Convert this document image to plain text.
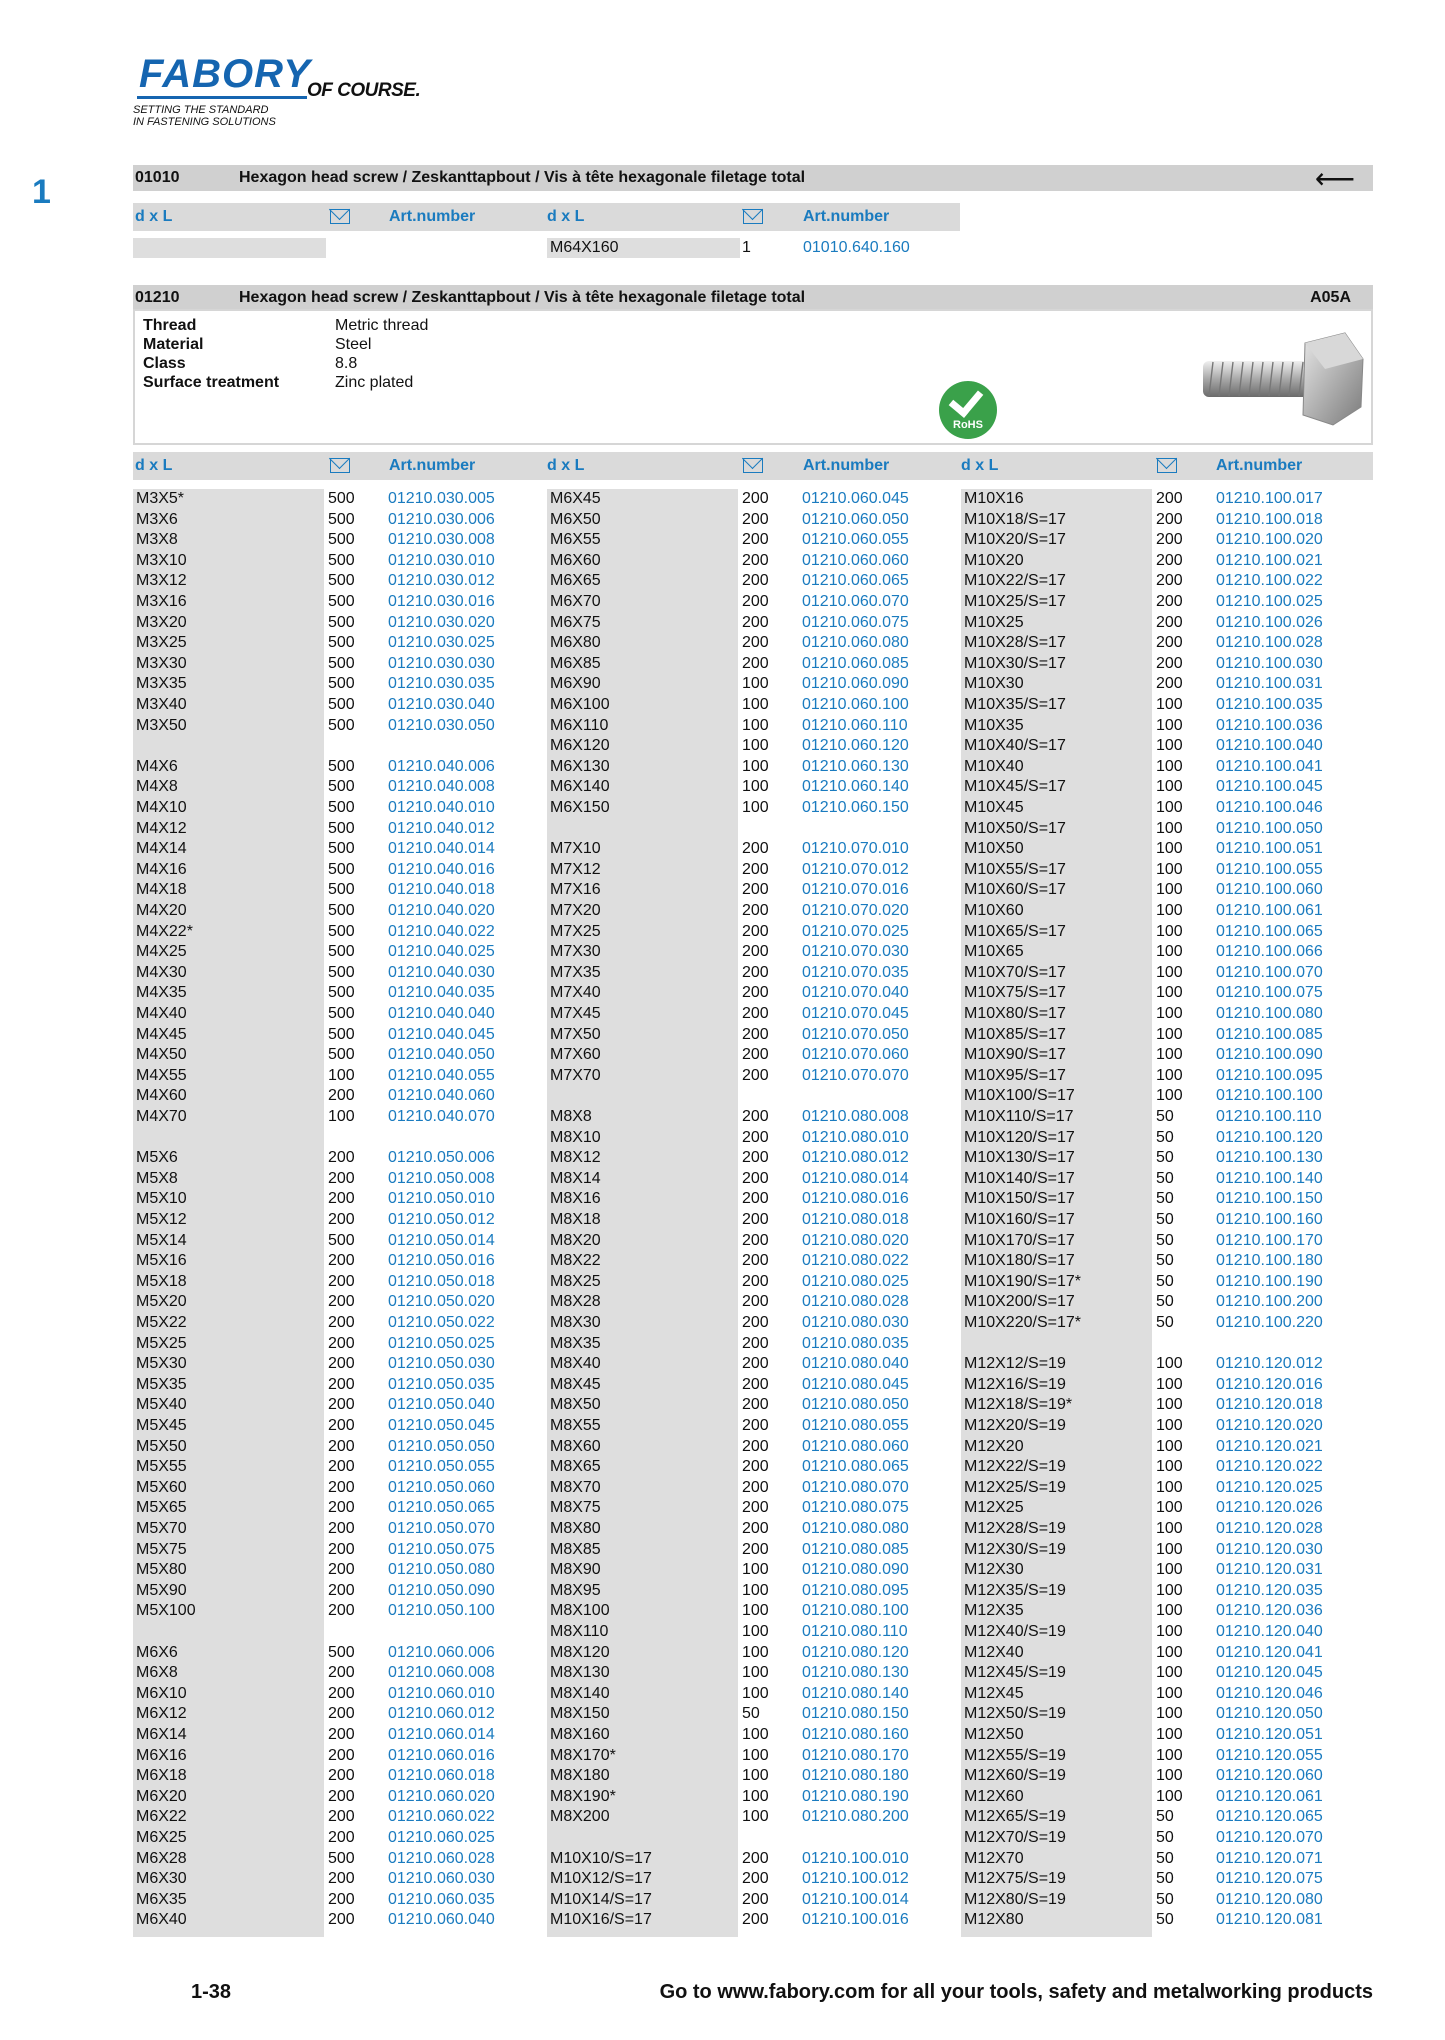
FABORY
OF COURSE.
SETTING THE STANDARD
IN FASTENING SOLUTIONS
1	01010	Hexagon head screw / Zeskanttapbout / Vis à tête hexagonale filetage total	⟵
d x L	Art.number	d x L	Art.number
M64X160	1	01010.640.160
01210	Hexagon head screw / Zeskanttapbout / Vis à tête hexagonale filetage total	A05A
Thread	Metric thread
Material	Steel
Class	8.8
Surface treatment	Zinc plated
RoHS
d x L	Art.number	d x L	Art.number	d x L	Art.number
M3X5*	500 01210.030.005
M3X6	500 01210.030.006
M3X8	500 01210.030.008
M3X10	500 01210.030.010
M3X12	500 01210.030.012
M3X16	500 01210.030.016
M3X20	500 01210.030.020
M3X25	500 01210.030.025
M3X30	500 01210.030.030
M3X35	500 01210.030.035
M3X40	500 01210.030.040
M3X50	500 01210.030.050
M4X6	500 01210.040.006
M4X8	500 01210.040.008
M4X10	500 01210.040.010
M4X12	500 01210.040.012
M4X14	500 01210.040.014
M4X16	500 01210.040.016
M4X18	500 01210.040.018
M4X20	500 01210.040.020
M4X22*	500 01210.040.022
M4X25	500 01210.040.025
M4X30	500 01210.040.030
M4X35	500 01210.040.035
M4X40	500 01210.040.040
M4X45	500 01210.040.045
M4X50	500 01210.040.050
M4X55	100 01210.040.055
M4X60	200 01210.040.060
M4X70	100 01210.040.070
M5X6	200 01210.050.006
M5X8	200 01210.050.008
M5X10	200 01210.050.010
M5X12	200 01210.050.012
M5X14	500 01210.050.014
M5X16	200 01210.050.016
M5X18	200 01210.050.018
M5X20	200 01210.050.020
M5X22	200 01210.050.022
M5X25	200 01210.050.025
M5X30	200 01210.050.030
M5X35	200 01210.050.035
M5X40	200 01210.050.040
M5X45	200 01210.050.045
M5X50	200 01210.050.050
M5X55	200 01210.050.055
M5X60	200 01210.050.060
M5X65	200 01210.050.065
M5X70	200 01210.050.070
M5X75	200 01210.050.075
M5X80	200 01210.050.080
M5X90	200 01210.050.090
M5X100	200 01210.050.100
M6X6	500 01210.060.006
M6X8	200 01210.060.008
M6X10	200 01210.060.010
M6X12	200 01210.060.012
M6X14	200 01210.060.014
M6X16	200 01210.060.016
M6X18	200 01210.060.018
M6X20	200 01210.060.020
M6X22	200 01210.060.022
M6X25	200 01210.060.025
M6X28	500 01210.060.028
M6X30	200 01210.060.030
M6X35	200 01210.060.035
M6X40	200 01210.060.040
M6X45	200 01210.060.045
M6X50	200 01210.060.050
M6X55	200 01210.060.055
M6X60	200 01210.060.060
M6X65	200 01210.060.065
M6X70	200 01210.060.070
M6X75	200 01210.060.075
M6X80	200 01210.060.080
M6X85	200 01210.060.085
M6X90	100 01210.060.090
M6X100	100 01210.060.100
M6X110	100 01210.060.110
M6X120	100 01210.060.120
M6X130	100 01210.060.130
M6X140	100 01210.060.140
M6X150	100 01210.060.150
M7X10	200 01210.070.010
M7X12	200 01210.070.012
M7X16	200 01210.070.016
M7X20	200 01210.070.020
M7X25	200 01210.070.025
M7X30	200 01210.070.030
M7X35	200 01210.070.035
M7X40	200 01210.070.040
M7X45	200 01210.070.045
M7X50	200 01210.070.050
M7X60	200 01210.070.060
M7X70	200 01210.070.070
M8X8	200 01210.080.008
M8X10	200 01210.080.010
M8X12	200 01210.080.012
M8X14	200 01210.080.014
M8X16	200 01210.080.016
M8X18	200 01210.080.018
M8X20	200 01210.080.020
M8X22	200 01210.080.022
M8X25	200 01210.080.025
M8X28	200 01210.080.028
M8X30	200 01210.080.030
M8X35	200 01210.080.035
M8X40	200 01210.080.040
M8X45	200 01210.080.045
M8X50	200 01210.080.050
M8X55	200 01210.080.055
M8X60	200 01210.080.060
M8X65	200 01210.080.065
M8X70	200 01210.080.070
M8X75	200 01210.080.075
M8X80	200 01210.080.080
M8X85	200 01210.080.085
M8X90	100 01210.080.090
M8X95	100 01210.080.095
M8X100	100 01210.080.100
M8X110	100 01210.080.110
M8X120	100 01210.080.120
M8X130	100 01210.080.130
M8X140	100 01210.080.140
M8X150	50	01210.080.150
M8X160	100 01210.080.160
M8X170*	100 01210.080.170
M8X180	100 01210.080.180
M8X190*	100 01210.080.190
M8X200	100 01210.080.200
M10X10/S=17	200 01210.100.010
M10X12/S=17	200 01210.100.012
M10X14/S=17	200 01210.100.014
M10X16/S=17	200 01210.100.016
M10X16	200 01210.100.017
M10X18/S=17	200 01210.100.018
M10X20/S=17	200 01210.100.020
M10X20	200 01210.100.021
M10X22/S=17	200 01210.100.022
M10X25/S=17	200 01210.100.025
M10X25	200 01210.100.026
M10X28/S=17	200 01210.100.028
M10X30/S=17	200 01210.100.030
M10X30	200 01210.100.031
M10X35/S=17	100 01210.100.035
M10X35	100 01210.100.036
M10X40/S=17	100 01210.100.040
M10X40	100 01210.100.041
M10X45/S=17	100 01210.100.045
M10X45	100 01210.100.046
M10X50/S=17	100 01210.100.050
M10X50	100 01210.100.051
M10X55/S=17	100 01210.100.055
M10X60/S=17	100 01210.100.060
M10X60	100 01210.100.061
M10X65/S=17	100 01210.100.065
M10X65	100 01210.100.066
M10X70/S=17	100 01210.100.070
M10X75/S=17	100 01210.100.075
M10X80/S=17	100 01210.100.080
M10X85/S=17	100 01210.100.085
M10X90/S=17	100 01210.100.090
M10X95/S=17	100 01210.100.095
M10X100/S=17	100 01210.100.100
M10X110/S=17	50	01210.100.110
M10X120/S=17	50	01210.100.120
M10X130/S=17	50	01210.100.130
M10X140/S=17	50	01210.100.140
M10X150/S=17	50	01210.100.150
M10X160/S=17	50	01210.100.160
M10X170/S=17	50	01210.100.170
M10X180/S=17	50	01210.100.180
M10X190/S=17*	50	01210.100.190
M10X200/S=17	50	01210.100.200
M10X220/S=17*	50	01210.100.220
M12X12/S=19	100 01210.120.012
M12X16/S=19	100 01210.120.016
M12X18/S=19*	100 01210.120.018
M12X20/S=19	100 01210.120.020
M12X20	100 01210.120.021
M12X22/S=19	100 01210.120.022
M12X25/S=19	100 01210.120.025
M12X25	100 01210.120.026
M12X28/S=19	100 01210.120.028
M12X30/S=19	100 01210.120.030
M12X30	100 01210.120.031
M12X35/S=19	100 01210.120.035
M12X35	100 01210.120.036
M12X40/S=19	100 01210.120.040
M12X40	100 01210.120.041
M12X45/S=19	100 01210.120.045
M12X45	100 01210.120.046
M12X50/S=19	100 01210.120.050
M12X50	100 01210.120.051
M12X55/S=19	100 01210.120.055
M12X60/S=19	100 01210.120.060
M12X60	100 01210.120.061
M12X65/S=19	50	01210.120.065
M12X70/S=19	50	01210.120.070
M12X70	50	01210.120.071
M12X75/S=19	50	01210.120.075
M12X80/S=19	50	01210.120.080
M12X80	50	01210.120.081
1-38	Go to www.fabory.com for all your tools, safety and metalworking products
